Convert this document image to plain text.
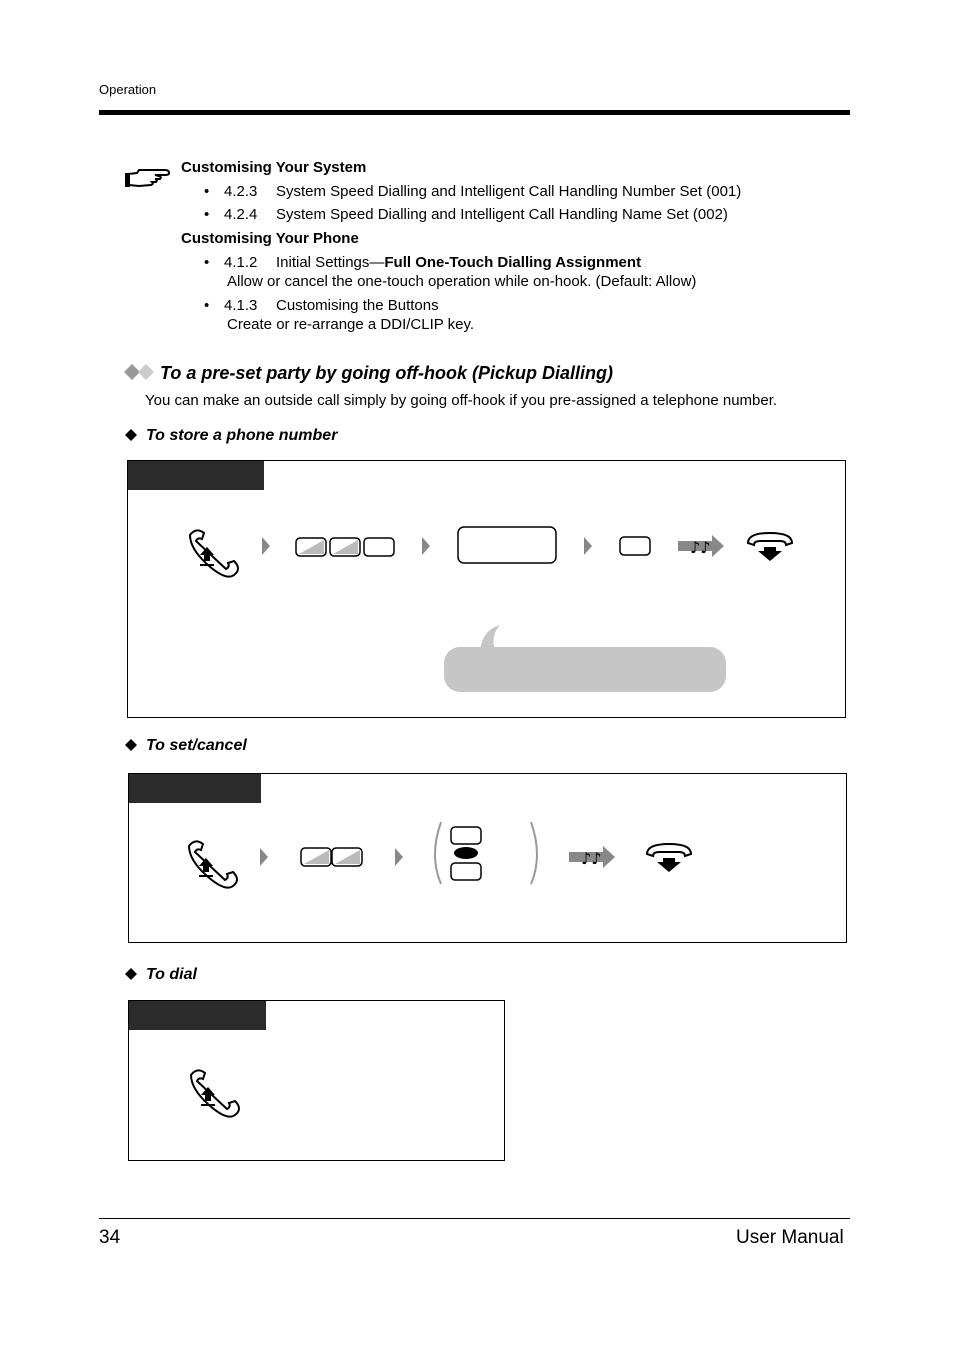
Operation
Customising Your System
• 4.2.3 System Speed Dialling and Intelligent Call Handling Number Set (001)
• 4.2.4 System Speed Dialling and Intelligent Call Handling Name Set (002)
Customising Your Phone
• 4.1.2 Initial Settings—Full One-Touch Dialling Assignment
Allow or cancel the one-touch operation while on-hook. (Default: Allow)
• 4.1.3 Customising the Buttons
Create or re-arrange a DDI/CLIP key.
To a pre-set party by going off-hook (Pickup Dialling)
You can make an outside call simply by going off-hook if you pre-assigned a telephone number.
To store a phone number
♪♪
To set/cancel
♪♪
To dial
34	User Manual
